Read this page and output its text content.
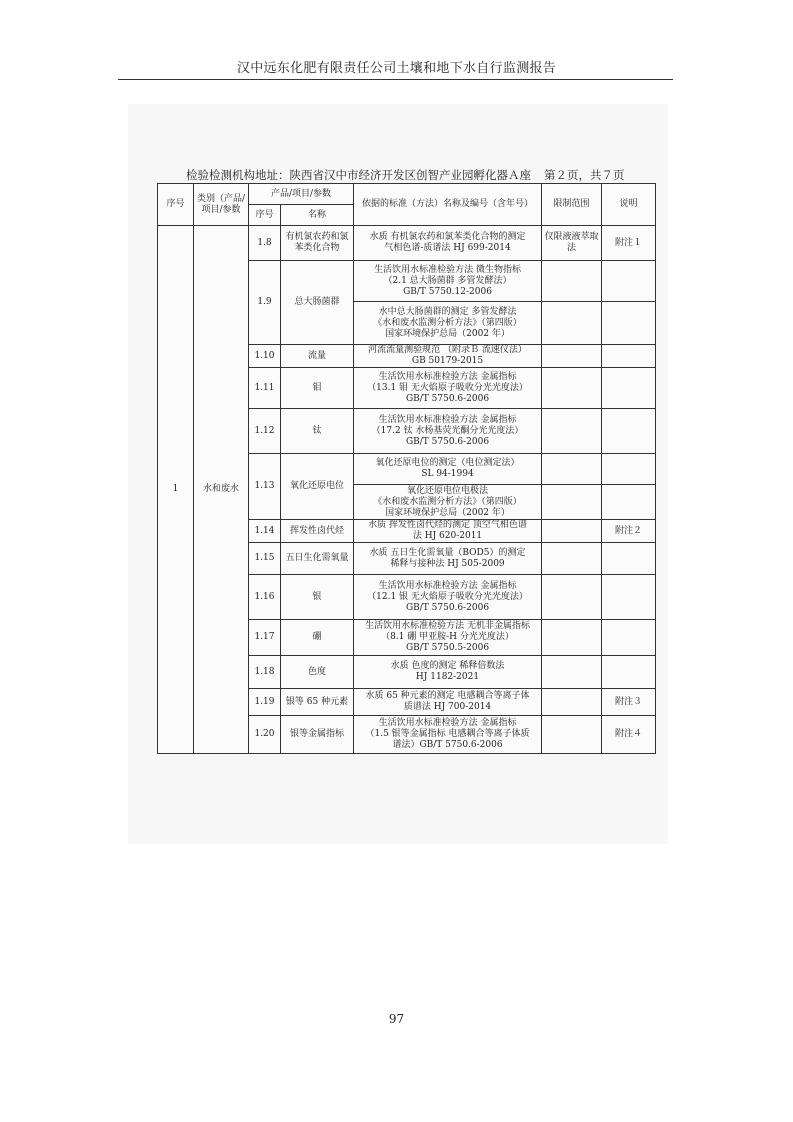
汉中远东化肥有限责任公司土壤和地下水自行监测报告
检验检测机构地址：陕西省汉中市经济开发区创智产业园孵化器Ａ座 第２页，共７页
序号	类别（产品/项目/参数	产品/项目/参数		依据的标准（方法）名称及编号（含年号）	限制范围	说明
		序号	名称			
1	水和废水	1.8	有机氯农药和氯苯类化合物	水质 有机氯农药和氯苯类化合物的测定
气相色谱-质谱法 HJ 699-2014	仅限液液萃取法	附注１
		1.9	总大肠菌群	生活饮用水标准检验方法 微生物指标
（2.1 总大肠菌群 多管发酵法）
GB/T 5750.12-2006		

				水中总大肠菌群的测定 多管发酵法
《水和废水监测分析方法》（第四版）
国家环境保护总局（2002 年）		

		1.10	流量	河流流量测验规范 （附录Ｂ 流速仪法）
GB 50179-2015		

		1.11	钼	生活饮用水标准检验方法 金属指标
（13.1 钼 无火焰原子吸收分光光度法）
GB/T 5750.6-2006		

		1.12	钛	生活饮用水标准检验方法 金属指标
（17.2 钛 水杨基荧光酮分光光度法）
GB/T 5750.6-2006		

		1.13	氧化还原电位	氧化还原电位的测定（电位测定法）
SL 94-1994		

				氧化还原电位电极法
《水和废水监测分析方法》（第四版）
国家环境保护总局（2002 年）		

		1.14	挥发性卤代烃	水质 挥发性卤代烃的测定 顶空气相色谱
法 HJ 620-2011		附注２
		1.15	五日生化需氧量	水质 五日生化需氧量（BOD5）的测定
稀释与接种法 HJ 505-2009		

		1.16	银	生活饮用水标准检验方法 金属指标
（12.1 银 无火焰原子吸收分光光度法）
GB/T 5750.6-2006		

		1.17	硼	生活饮用水标准检验方法 无机非金属指标
（8.1 硼 甲亚胺-H 分光光度法）
GB/T 5750.5-2006		

		1.18	色度	水质 色度的测定 稀释倍数法
HJ 1182-2021		

		1.19	银等 65 种元素	水质 65 种元素的测定 电感耦合等离子体
质谱法 HJ 700-2014		附注３
		1.20	银等金属指标	生活饮用水标准检验方法 金属指标
（1.5 银等金属指标 电感耦合等离子体质
谱法）GB/T 5750.6-2006		附注４
97
